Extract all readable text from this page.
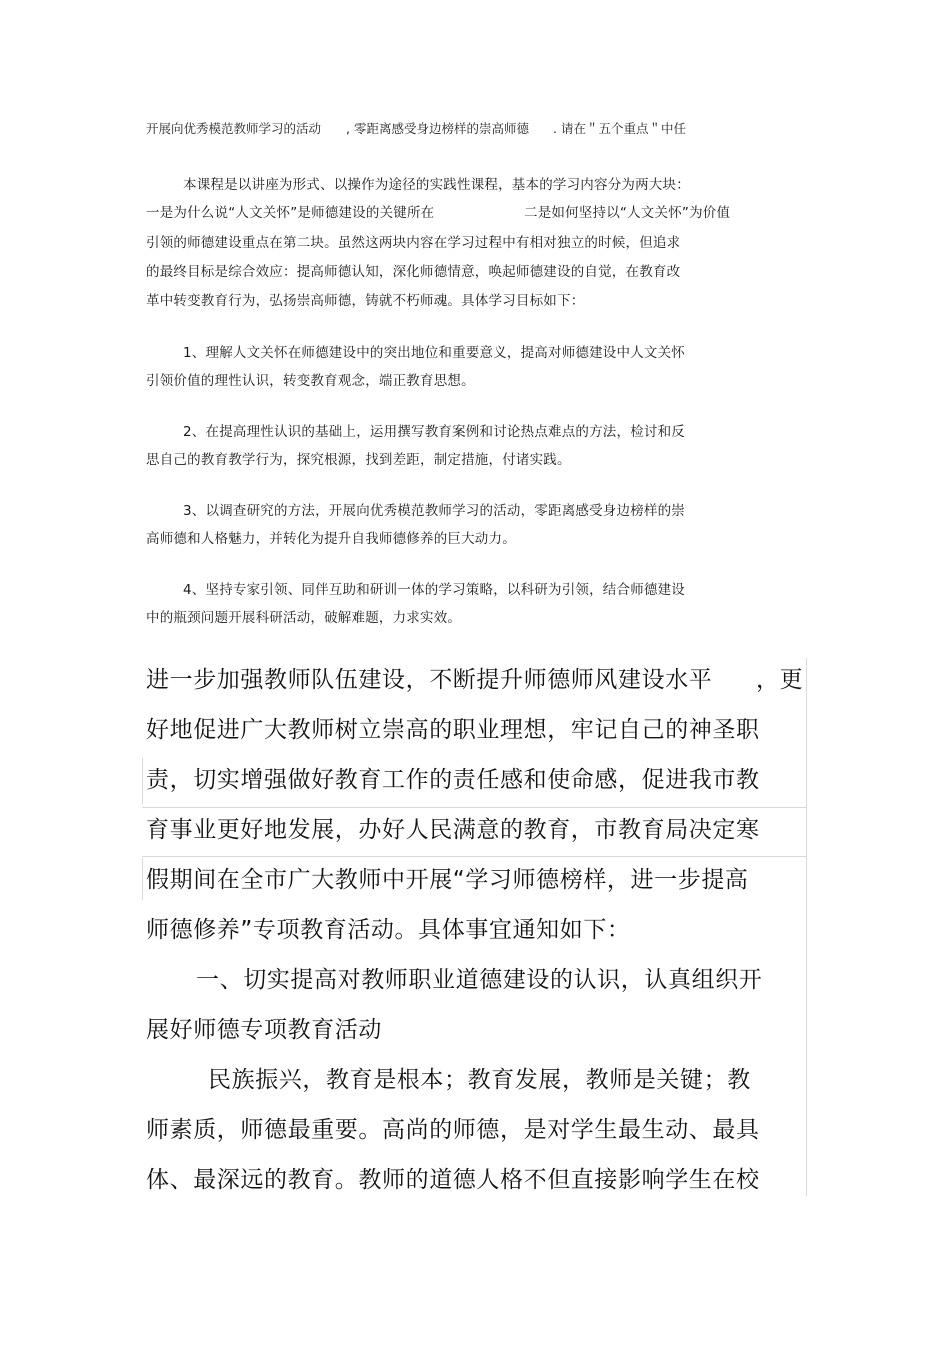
开展向优秀模范教师学习的活动 , 零距离感受身边榜样的崇高师德 . 请在＂五个重点＂中任
本课程是以讲座为形式、以操作为途径的实践性课程，基本的学习内容分为两大块：
一是为什么说“人文关怀”是师德建设的关键所在	二是如何坚持以“人文关怀”为价值
引领的师德建设重点在第二块。虽然这两块内容在学习过程中有相对独立的时候，但追求
的最终目标是综合效应：提高师德认知，深化师德情意，唤起师德建设的自觉，在教育改
革中转变教育行为，弘扬崇高师德，铸就不朽师魂。具体学习目标如下：
1、理解人文关怀在师德建设中的突出地位和重要意义，提高对师德建设中人文关怀
引领价值的理性认识，转变教育观念，端正教育思想。
2、在提高理性认识的基础上，运用撰写教育案例和讨论热点难点的方法，检讨和反
思自己的教育教学行为，探究根源，找到差距，制定措施，付诸实践。
3、以调查研究的方法，开展向优秀模范教师学习的活动，零距离感受身边榜样的崇
高师德和人格魅力，并转化为提升自我师德修养的巨大动力。
4、坚持专家引领、同伴互助和研训一体的学习策略，以科研为引领，结合师德建设
中的瓶颈问题开展科研活动，破解难题，力求实效。
进一步加强教师队伍建设，不断提升师德师风建设水平 ，更
好地促进广大教师树立崇高的职业理想，牢记自己的神圣职
责，切实增强做好教育工作的责任感和使命感，促进我市教
育事业更好地发展，办好人民满意的教育，市教育局决定寒
假期间在全市广大教师中开展“学习师德榜样，进一步提高
师德修养”专项教育活动。具体事宜通知如下：
一、切实提高对教师职业道德建设的认识，认真组织开
展好师德专项教育活动
民族振兴，教育是根本；教育发展，教师是关键；教
师素质，师德最重要。高尚的师德，是对学生最生动、最具
体、最深远的教育。教师的道德人格不但直接影响学生在校
